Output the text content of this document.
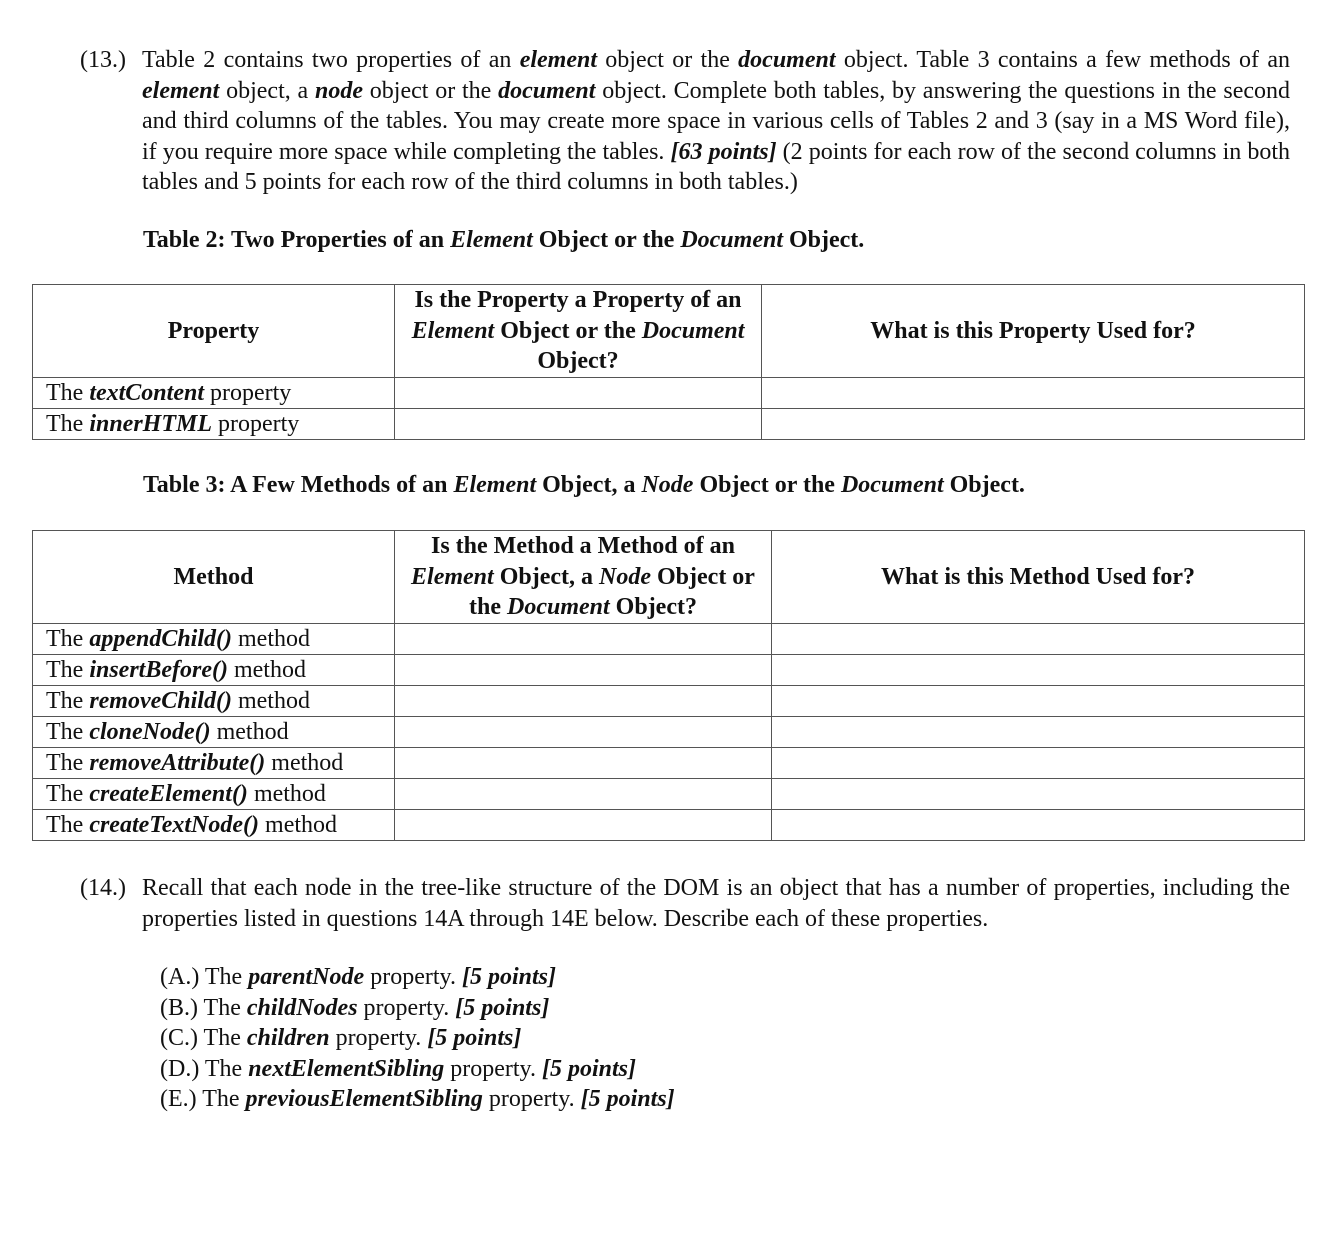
(13.) Table 2 contains two properties of an element object or the document object. Table 3 contains a few methods of an element object, a node object or the document object. Complete both tables, by answering the questions in the second and third columns of the tables. You may create more space in various cells of Tables 2 and 3 (say in a MS Word file), if you require more space while completing the tables. [63 points] (2 points for each row of the second columns in both tables and 5 points for each row of the third columns in both tables.)
Table 2: Two Properties of an Element Object or the Document Object.
Property	Is the Property a Property of an Element Object or the Document Object?	What is this Property Used for?
The textContent property		
The innerHTML property		
Table 3: A Few Methods of an Element Object, a Node Object or the Document Object.
Method	Is the Method a Method of an Element Object, a Node Object or the Document Object?	What is this Method Used for?
The appendChild() method		
The insertBefore() method		
The removeChild() method		
The cloneNode() method		
The removeAttribute() method		
The createElement() method		
The createTextNode() method		
(14.) Recall that each node in the tree-like structure of the DOM is an object that has a number of properties, including the properties listed in questions 14A through 14E below. Describe each of these properties.
(A.) The parentNode property. [5 points]
(B.) The childNodes property. [5 points]
(C.) The children property. [5 points]
(D.) The nextElementSibling property. [5 points]
(E.) The previousElementSibling property. [5 points]
